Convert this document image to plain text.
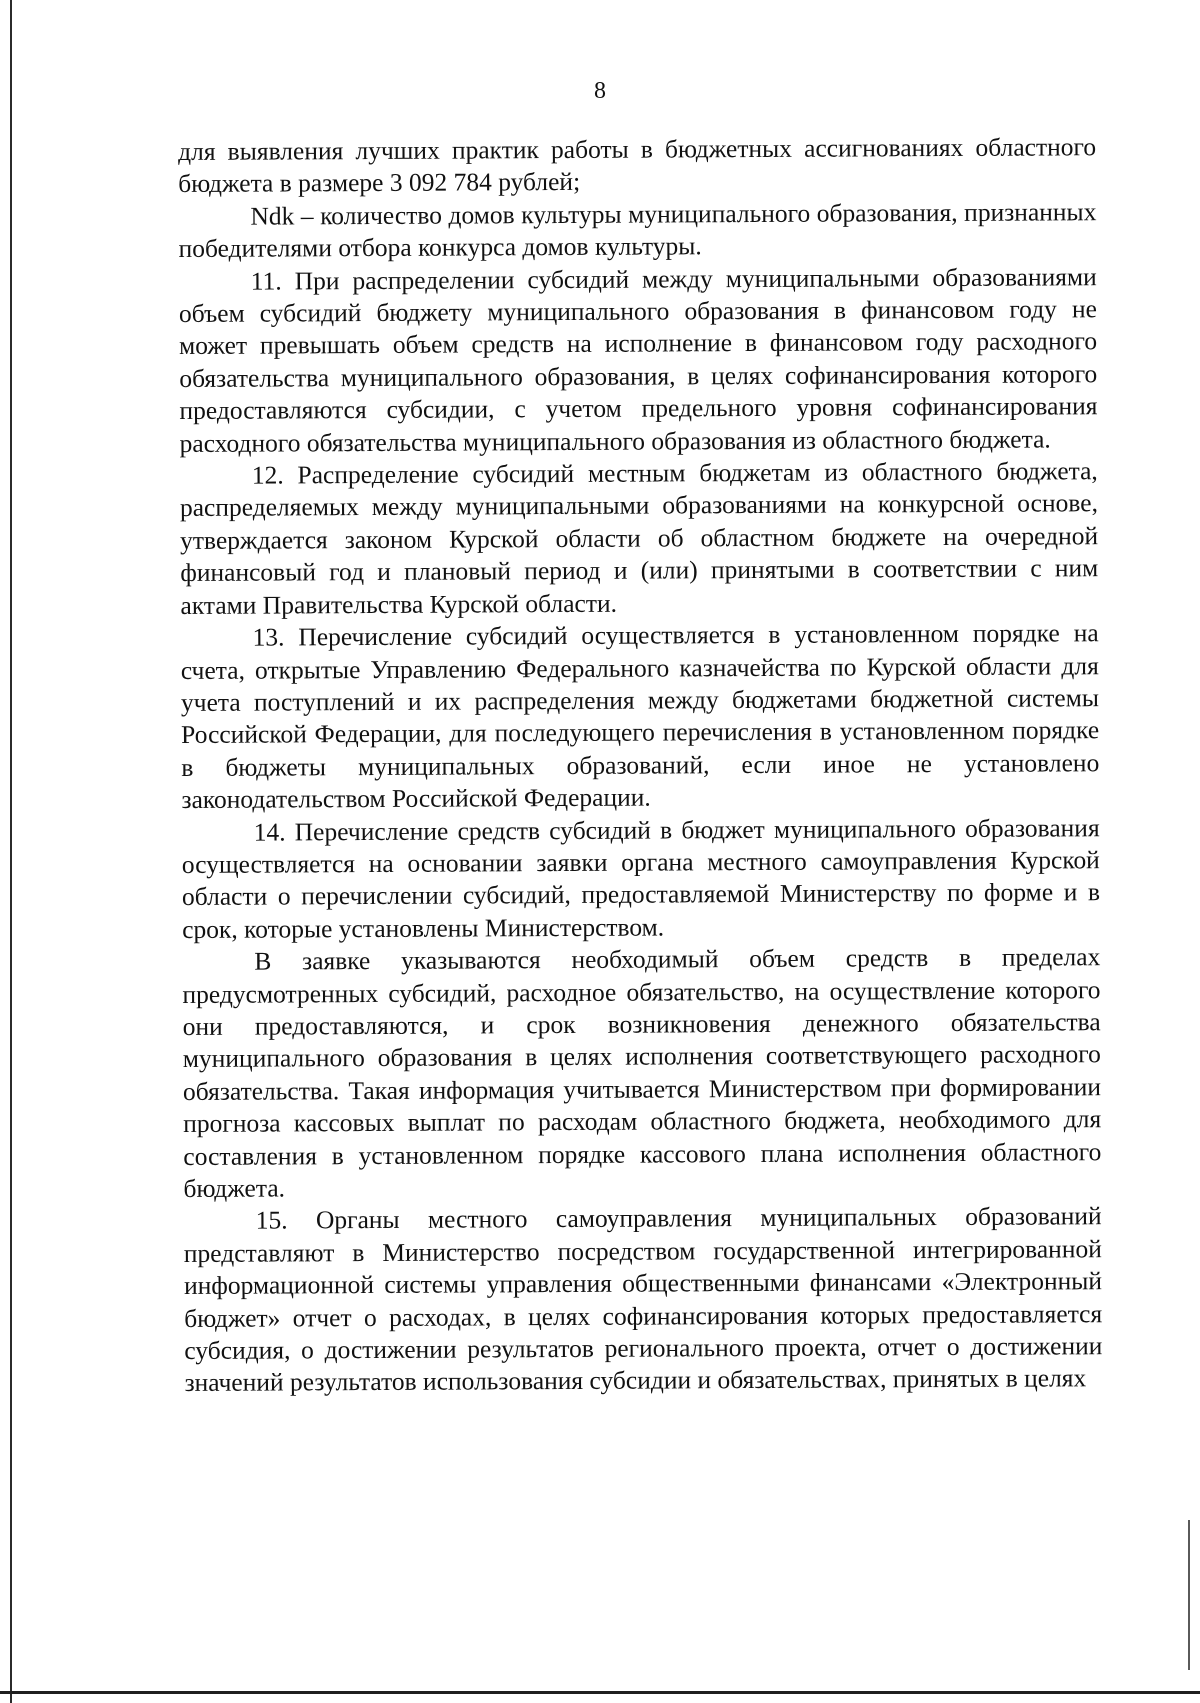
8

для выявления лучших практик работы в бюджетных ассигнованиях областного бюджета в размере 3 092 784 рублей;

Ndk – количество домов культуры муниципального образования, признанных победителями отбора конкурса домов культуры.

11. При распределении субсидий между муниципальными образованиями объем субсидий бюджету муниципального образования в финансовом году не может превышать объем средств на исполнение в финансовом году расходного обязательства муниципального образования, в целях софинансирования которого предоставляются субсидии, с учетом предельного уровня софинансирования расходного обязательства муниципального образования из областного бюджета.

12. Распределение субсидий местным бюджетам из областного бюджета, распределяемых между муниципальными образованиями на конкурсной основе, утверждается законом Курской области об областном бюджете на очередной финансовый год и плановый период и (или) принятыми в соответствии с ним актами Правительства Курской области.

13. Перечисление субсидий осуществляется в установленном порядке на счета, открытые Управлению Федерального казначейства по Курской области для учета поступлений и их распределения между бюджетами бюджетной системы Российской Федерации, для последующего перечисления в установленном порядке в бюджеты муниципальных образований, если иное не установлено законодательством Российской Федерации.

14. Перечисление средств субсидий в бюджет муниципального образования осуществляется на основании заявки органа местного самоуправления Курской области о перечислении субсидий, предоставляемой Министерству по форме и в срок, которые установлены Министерством.

В заявке указываются необходимый объем средств в пределах предусмотренных субсидий, расходное обязательство, на осуществление которого они предоставляются, и срок возникновения денежного обязательства муниципального образования в целях исполнения соответствующего расходного обязательства. Такая информация учитывается Министерством при формировании прогноза кассовых выплат по расходам областного бюджета, необходимого для составления в установленном порядке кассового плана исполнения областного бюджета.

15. Органы местного самоуправления муниципальных образований представляют в Министерство посредством государственной интегрированной информационной системы управления общественными финансами «Электронный бюджет» отчет о расходах, в целях софинансирования которых предоставляется субсидия, о достижении результатов регионального проекта, отчет о достижении значений результатов использования субсидии и обязательствах, принятых в целях
